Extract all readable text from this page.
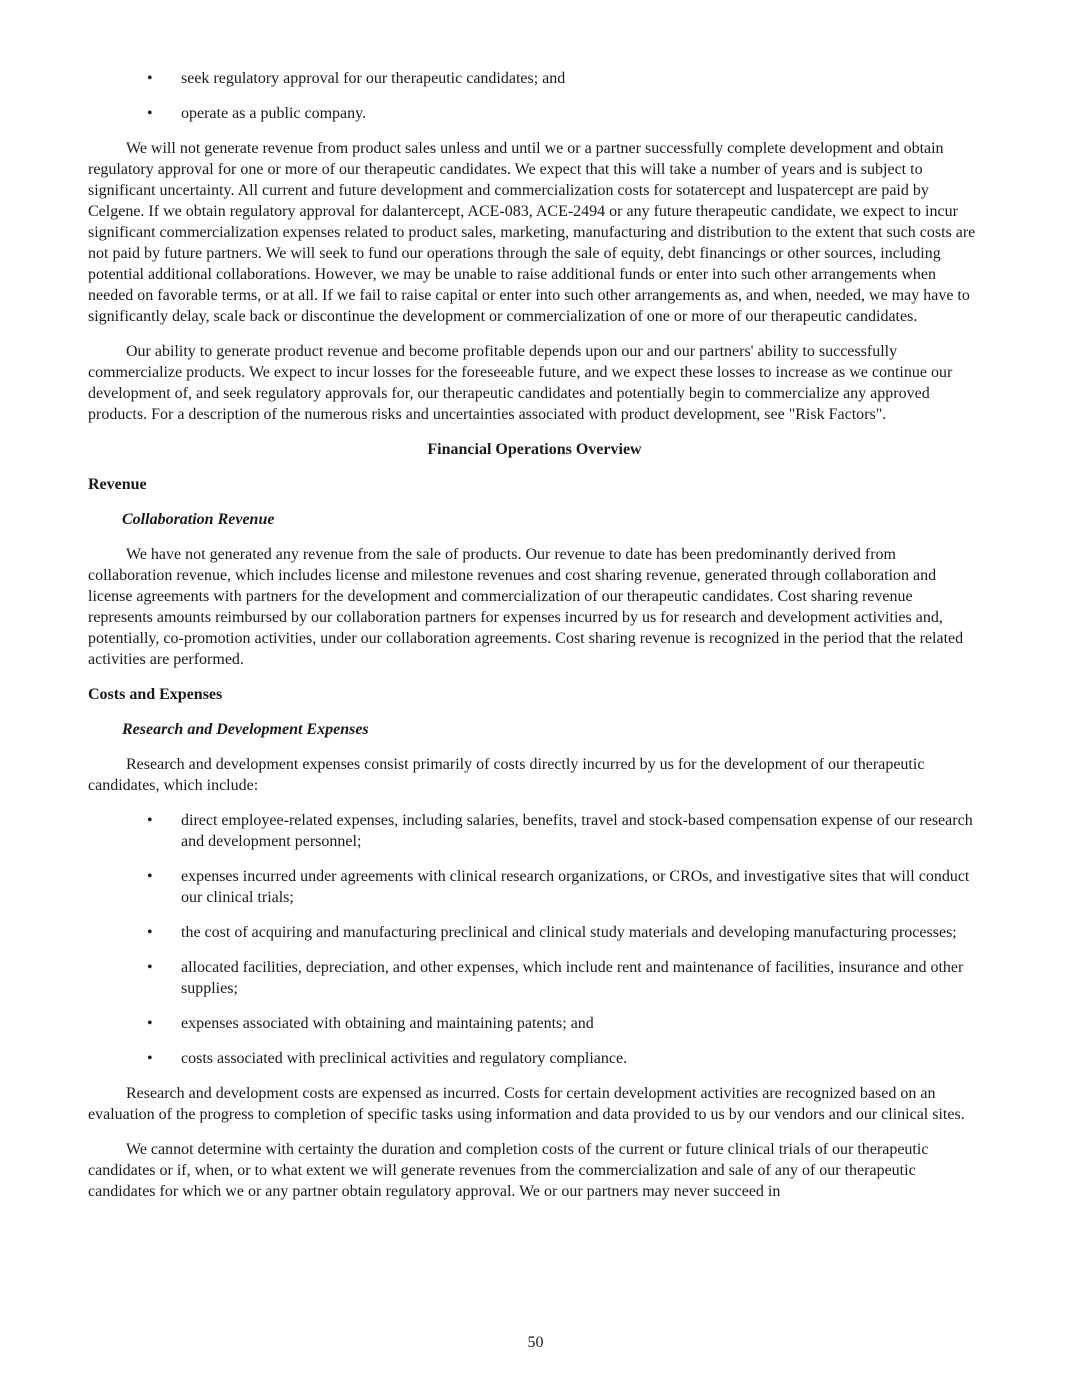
•	seek regulatory approval for our therapeutic candidates; and
•	operate as a public company.

We will not generate revenue from product sales unless and until we or a partner successfully complete development and obtain regulatory approval for one or more of our therapeutic candidates. We expect that this will take a number of years and is subject to significant uncertainty. All current and future development and commercialization costs for sotatercept and luspatercept are paid by Celgene. If we obtain regulatory approval for dalantercept, ACE-083, ACE-2494 or any future therapeutic candidate, we expect to incur significant commercialization expenses related to product sales, marketing, manufacturing and distribution to the extent that such costs are not paid by future partners. We will seek to fund our operations through the sale of equity, debt financings or other sources, including potential additional collaborations. However, we may be unable to raise additional funds or enter into such other arrangements when needed on favorable terms, or at all. If we fail to raise capital or enter into such other arrangements as, and when, needed, we may have to significantly delay, scale back or discontinue the development or commercialization of one or more of our therapeutic candidates.

Our ability to generate product revenue and become profitable depends upon our and our partners' ability to successfully commercialize products. We expect to incur losses for the foreseeable future, and we expect these losses to increase as we continue our development of, and seek regulatory approvals for, our therapeutic candidates and potentially begin to commercialize any approved products. For a description of the numerous risks and uncertainties associated with product development, see "Risk Factors".

Financial Operations Overview

Revenue

Collaboration Revenue

We have not generated any revenue from the sale of products. Our revenue to date has been predominantly derived from collaboration revenue, which includes license and milestone revenues and cost sharing revenue, generated through collaboration and license agreements with partners for the development and commercialization of our therapeutic candidates. Cost sharing revenue represents amounts reimbursed by our collaboration partners for expenses incurred by us for research and development activities and, potentially, co-promotion activities, under our collaboration agreements. Cost sharing revenue is recognized in the period that the related activities are performed.

Costs and Expenses

Research and Development Expenses

Research and development expenses consist primarily of costs directly incurred by us for the development of our therapeutic candidates, which include:

•	direct employee-related expenses, including salaries, benefits, travel and stock-based compensation expense of our research and development personnel;
•	expenses incurred under agreements with clinical research organizations, or CROs, and investigative sites that will conduct our clinical trials;
•	the cost of acquiring and manufacturing preclinical and clinical study materials and developing manufacturing processes;
•	allocated facilities, depreciation, and other expenses, which include rent and maintenance of facilities, insurance and other supplies;
•	expenses associated with obtaining and maintaining patents; and
•	costs associated with preclinical activities and regulatory compliance.

Research and development costs are expensed as incurred. Costs for certain development activities are recognized based on an evaluation of the progress to completion of specific tasks using information and data provided to us by our vendors and our clinical sites.

We cannot determine with certainty the duration and completion costs of the current or future clinical trials of our therapeutic candidates or if, when, or to what extent we will generate revenues from the commercialization and sale of any of our therapeutic candidates for which we or any partner obtain regulatory approval. We or our partners may never succeed in

50
